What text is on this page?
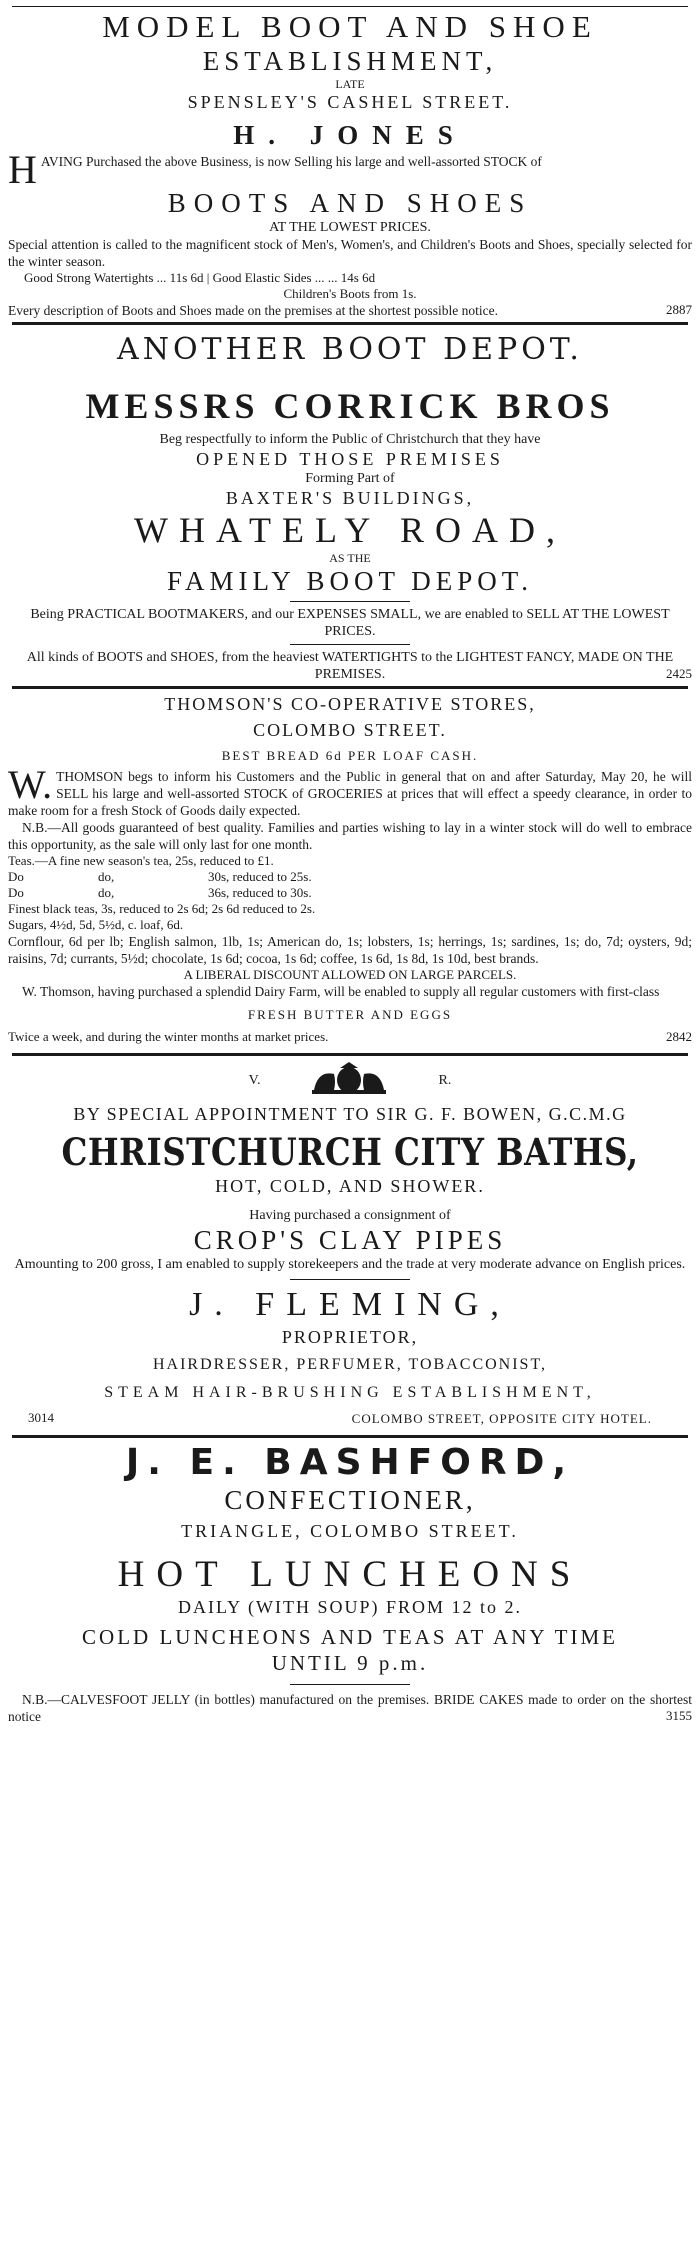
MODEL BOOT AND SHOE
ESTABLISHMENT,
LATE
SPENSLEY'S CASHEL STREET.
H. JONES
HAVING Purchased the above Business, is now Selling his large and well-assorted STOCK of
BOOTS AND SHOES
AT THE LOWEST PRICES.
Special attention is called to the magnificent stock of Men's, Women's, and Children's Boots and Shoes, specially selected for the winter season.
Good Strong Watertights ... 11s 6d | Good Elastic Sides ... ... 14s 6d
Children's Boots from 1s.
Every description of Boots and Shoes made on the premises at the shortest possible notice.	2887
ANOTHER BOOT DEPOT.
MESSRS CORRICK BROS
Beg respectfully to inform the Public of Christchurch that they have
OPENED THOSE PREMISES
Forming Part of
BAXTER'S BUILDINGS,
WHATELY ROAD,
AS THE
FAMILY BOOT DEPOT.
Being PRACTICAL BOOTMAKERS, and our EXPENSES SMALL, we are enabled to SELL AT THE LOWEST PRICES.
All kinds of BOOTS and SHOES, from the heaviest WATERTIGHTS to the LIGHTEST FANCY, MADE ON THE PREMISES.	2425
THOMSON'S CO-OPERATIVE STORES,
COLOMBO STREET.
BEST BREAD 6d PER LOAF CASH.
W. THOMSON begs to inform his Customers and the Public in general that on and after Saturday, May 20, he will SELL his large and well-assorted STOCK of GROCERIES at prices that will effect a speedy clearance, in order to make room for a fresh Stock of Goods daily expected.
N.B.—All goods guaranteed of best quality. Families and parties wishing to lay in a winter stock will do well to embrace this opportunity, as the sale will only last for one month.
Teas.—A fine new season's tea, 25s, reduced to £1.
Do	do,	30s, reduced to 25s.
Do	do,	36s, reduced to 30s.
Finest black teas, 3s, reduced to 2s 6d; 2s 6d reduced to 2s.
Sugars, 4½d, 5d, 5½d, c. loaf, 6d.
Cornflour, 6d per lb; English salmon, 1lb, 1s; American do, 1s; lobsters, 1s; herrings, 1s; sardines, 1s; do, 7d; oysters, 9d; raisins, 7d; currants, 5½d; chocolate, 1s 6d; cocoa, 1s 6d; coffee, 1s 6d, 1s 8d, 1s 10d, best brands.
A LIBERAL DISCOUNT ALLOWED ON LARGE PARCELS.
W. Thomson, having purchased a splendid Dairy Farm, will be enabled to supply all regular customers with first-class
FRESH BUTTER AND EGGS
Twice a week, and during the winter months at market prices.	2842
V.	R.
BY SPECIAL APPOINTMENT TO SIR G. F. BOWEN, G.C.M.G
CHRISTCHURCH CITY BATHS,
HOT, COLD, AND SHOWER.
Having purchased a consignment of
CROP'S CLAY PIPES
Amounting to 200 gross, I am enabled to supply storekeepers and the trade at very moderate advance on English prices.
J. FLEMING,
PROPRIETOR,
HAIRDRESSER, PERFUMER, TOBACCONIST,
STEAM HAIR-BRUSHING ESTABLISHMENT,
3014	COLOMBO STREET, OPPOSITE CITY HOTEL.
J. E. BASHFORD,
CONFECTIONER,
TRIANGLE, COLOMBO STREET.
HOT LUNCHEONS
DAILY (WITH SOUP) FROM 12 to 2.
COLD LUNCHEONS AND TEAS AT ANY TIME
UNTIL 9 p.m.
N.B.—CALVESFOOT JELLY (in bottles) manufactured on the premises. BRIDE CAKES made to order on the shortest notice	3155
